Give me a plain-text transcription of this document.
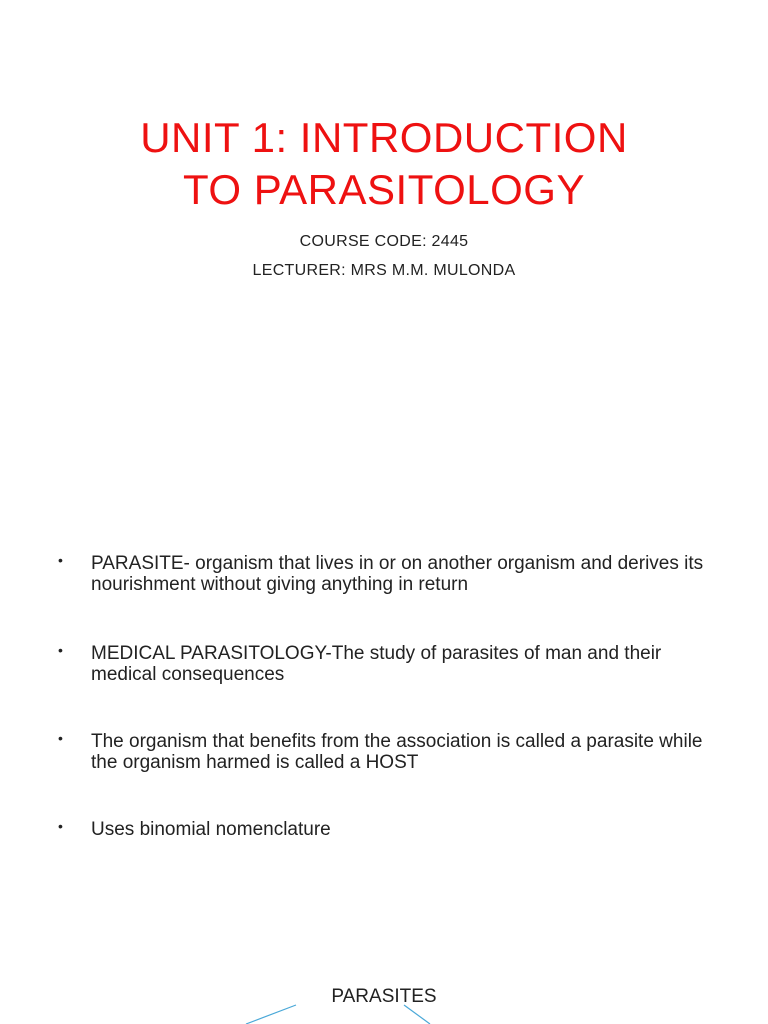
UNIT 1: INTRODUCTION
TO PARASITOLOGY
COURSE CODE: 2445
LECTURER: MRS M.M. MULONDA
• PARASITE- organism that lives in or on another organism and derives its nourishment without giving anything in return
• MEDICAL PARASITOLOGY-The study of parasites of man and their medical consequences
• The organism that benefits from the association is called a parasite while the organism harmed is called a HOST
• Uses binomial nomenclature
PARASITES
